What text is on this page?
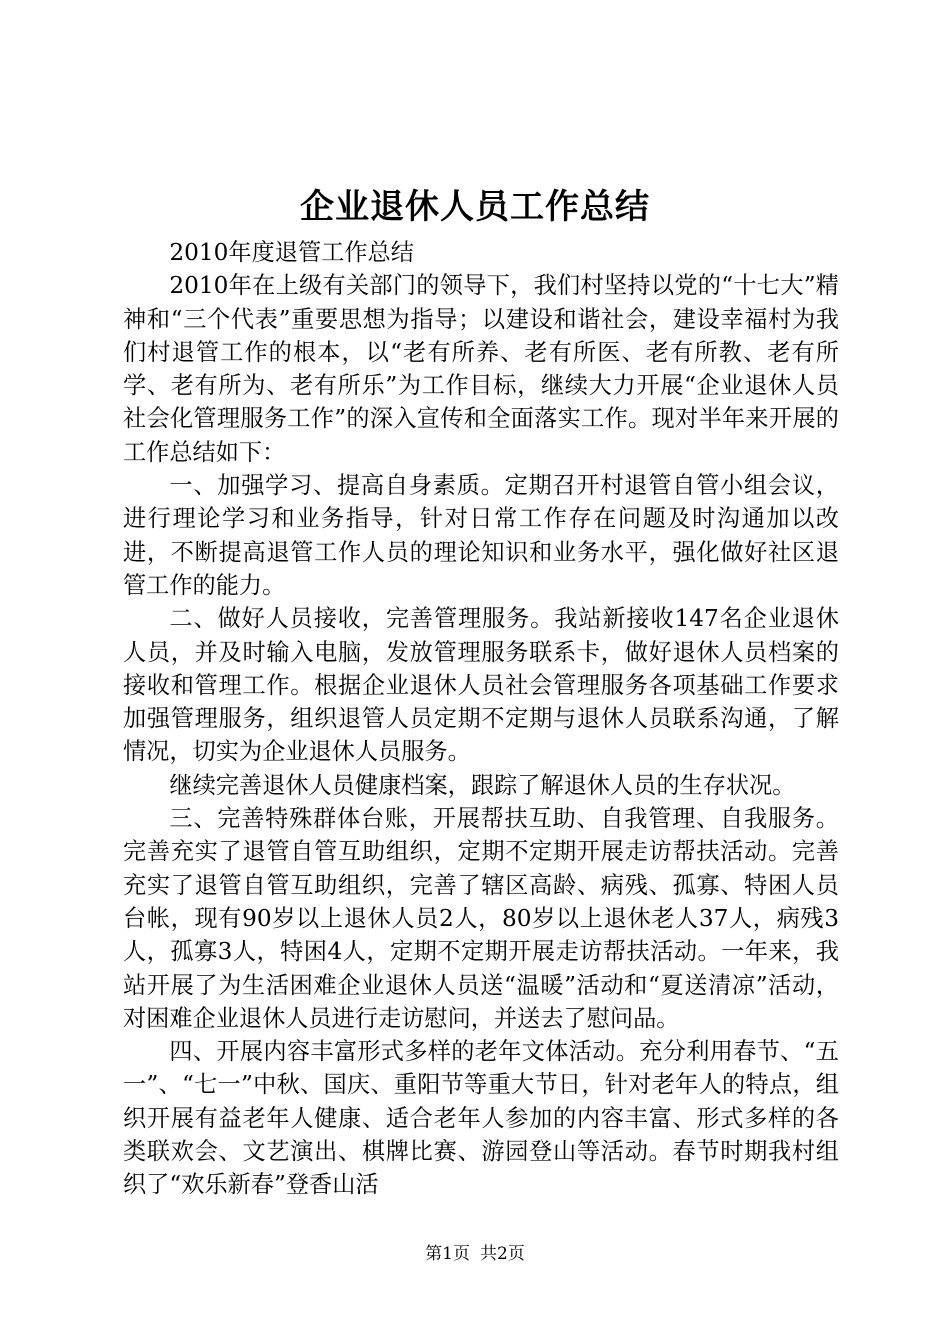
企业退休人员工作总结

2010年度退管工作总结

2010年在上级有关部门的领导下，我们村坚持以党的“十七大”精神和“三个代表”重要思想为指导；以建设和谐社会，建设幸福村为我们村退管工作的根本，以“老有所养、老有所医、老有所教、老有所学、老有所为、老有所乐”为工作目标，继续大力开展“企业退休人员社会化管理服务工作”的深入宣传和全面落实工作。现对半年来开展的工作总结如下：

一、加强学习、提高自身素质。定期召开村退管自管小组会议，进行理论学习和业务指导，针对日常工作存在问题及时沟通加以改进，不断提高退管工作人员的理论知识和业务水平，强化做好社区退管工作的能力。

二、做好人员接收，完善管理服务。我站新接收147名企业退休人员，并及时输入电脑，发放管理服务联系卡，做好退休人员档案的接收和管理工作。根据企业退休人员社会管理服务各项基础工作要求加强管理服务，组织退管人员定期不定期与退休人员联系沟通，了解情况，切实为企业退休人员服务。

继续完善退休人员健康档案，跟踪了解退休人员的生存状况。

三、完善特殊群体台账，开展帮扶互助、自我管理、自我服务。完善充实了退管自管互助组织，定期不定期开展走访帮扶活动。完善充实了退管自管互助组织，完善了辖区高龄、病残、孤寡、特困人员台帐，现有90岁以上退休人员2人，80岁以上退休老人37人，病残3人，孤寡3人，特困4人，定期不定期开展走访帮扶活动。一年来，我站开展了为生活困难企业退休人员送“温暖”活动和“夏送清凉”活动，对困难企业退休人员进行走访慰问，并送去了慰问品。

四、开展内容丰富形式多样的老年文体活动。充分利用春节、“五一”、“七一”中秋、国庆、重阳节等重大节日，针对老年人的特点，组织开展有益老年人健康、适合老年人参加的内容丰富、形式多样的各类联欢会、文艺演出、棋牌比赛、游园登山等活动。春节时期我村组织了“欢乐新春”登香山活

第1页 共2页
